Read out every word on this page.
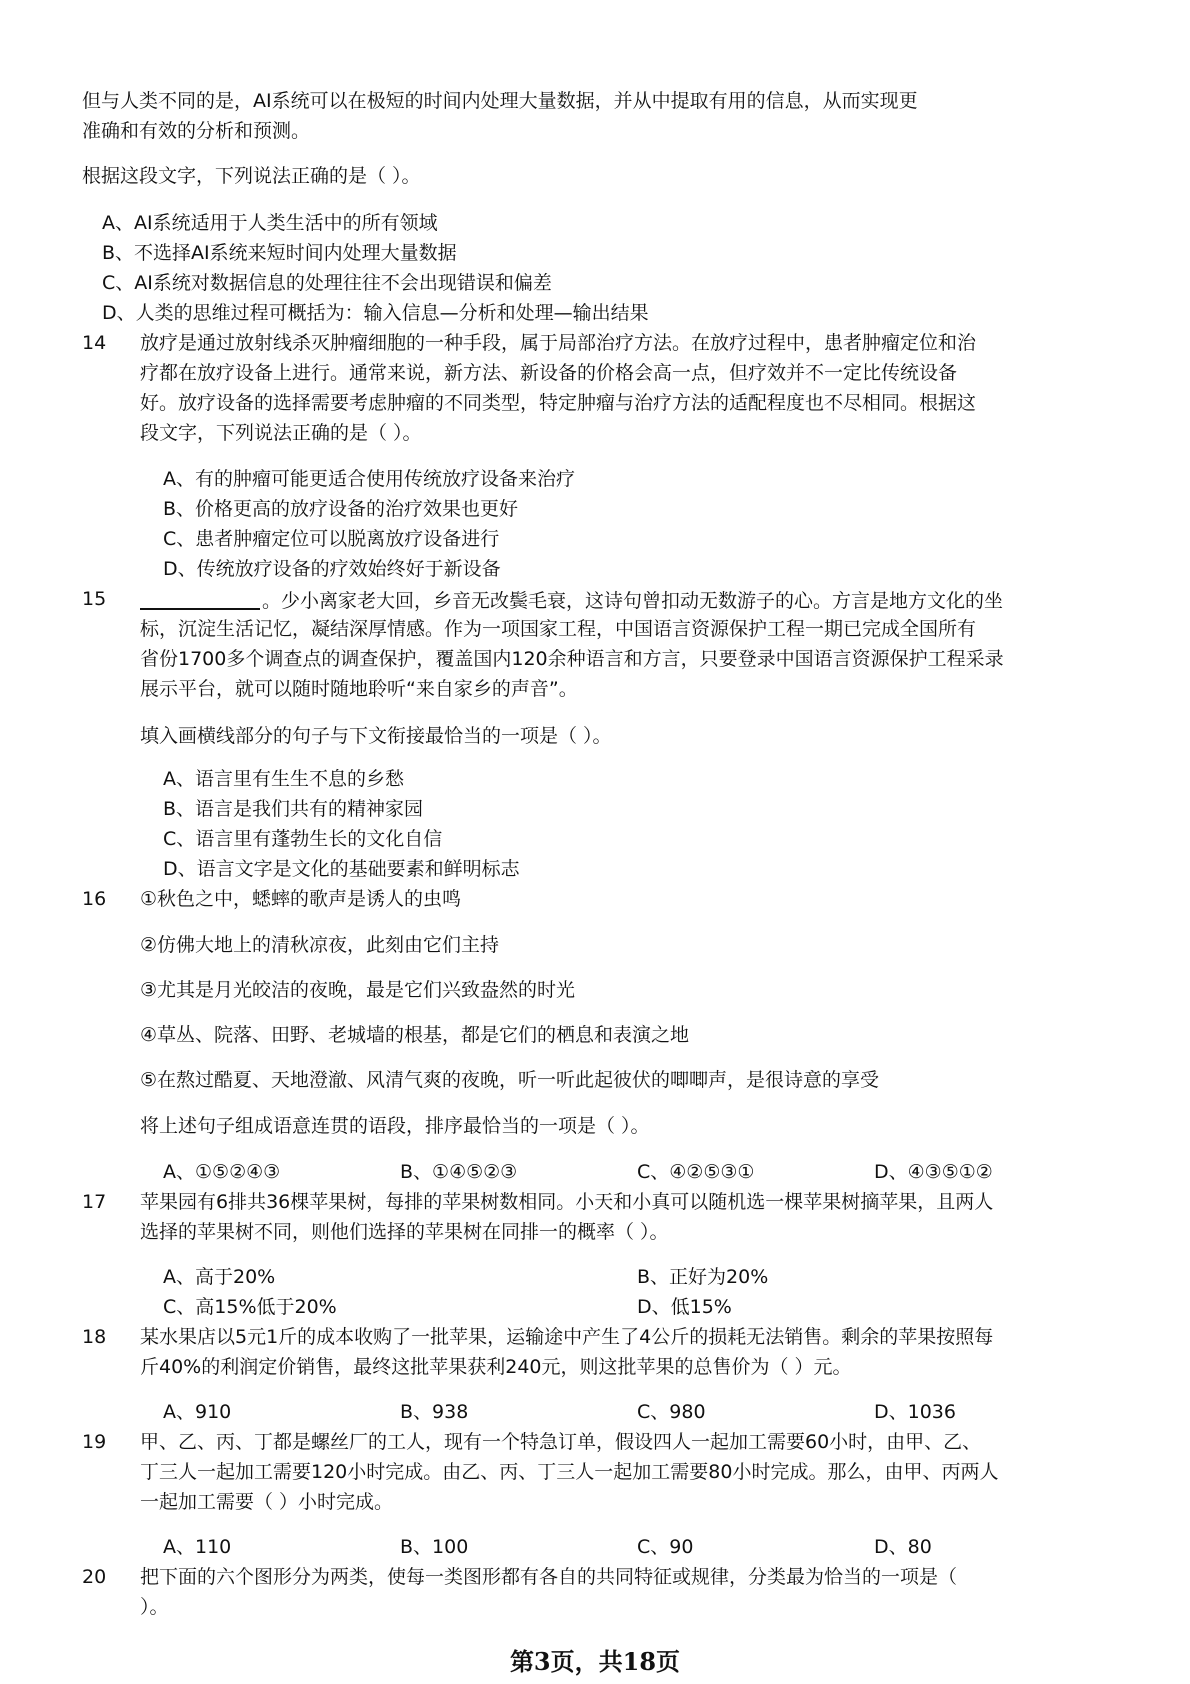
但与人类不同的是，AI系统可以在极短的时间内处理大量数据，并从中提取有用的信息，从而实现更
准确和有效的分析和预测。
根据这段文字，下列说法正确的是（ ）。
A、AI系统适用于人类生活中的所有领域
B、不选择AI系统来短时间内处理大量数据
C、AI系统对数据信息的处理往往不会出现错误和偏差
D、人类的思维过程可概括为：输入信息—分析和处理—输出结果
14 放疗是通过放射线杀灭肿瘤细胞的一种手段，属于局部治疗方法。在放疗过程中，患者肿瘤定位和治
疗都在放疗设备上进行。通常来说，新方法、新设备的价格会高一点，但疗效并不一定比传统设备
好。放疗设备的选择需要考虑肿瘤的不同类型，特定肿瘤与治疗方法的适配程度也不尽相同。根据这
段文字，下列说法正确的是（ ）。
A、有的肿瘤可能更适合使用传统放疗设备来治疗
B、价格更高的放疗设备的治疗效果也更好
C、患者肿瘤定位可以脱离放疗设备进行
D、传统放疗设备的疗效始终好于新设备
15	。少小离家老大回，乡音无改鬓毛衰，这诗句曾扣动无数游子的心。方言是地方文化的坐
标，沉淀生活记忆，凝结深厚情感。作为一项国家工程，中国语言资源保护工程一期已完成全国所有
省份1700多个调查点的调查保护，覆盖国内120余种语言和方言，只要登录中国语言资源保护工程采录
展示平台，就可以随时随地聆听“来自家乡的声音”。
填入画横线部分的句子与下文衔接最恰当的一项是（ ）。
A、语言里有生生不息的乡愁
B、语言是我们共有的精神家园
C、语言里有蓬勃生长的文化自信
D、语言文字是文化的基础要素和鲜明标志
16 ①秋色之中，蟋蟀的歌声是诱人的虫鸣
②仿佛大地上的清秋凉夜，此刻由它们主持
③尤其是月光皎洁的夜晚，最是它们兴致盎然的时光
④草丛、院落、田野、老城墙的根基，都是它们的栖息和表演之地
⑤在熬过酷夏、天地澄澈、风清气爽的夜晚，听一听此起彼伏的唧唧声，是很诗意的享受
将上述句子组成语意连贯的语段，排序最恰当的一项是（ ）。
A、①⑤②④③	B、①④⑤②③	C、④②⑤③①	D、④③⑤①②
17 苹果园有6排共36棵苹果树，每排的苹果树数相同。小天和小真可以随机选一棵苹果树摘苹果，且两人
选择的苹果树不同，则他们选择的苹果树在同排一的概率（ ）。
A、高于20%	B、正好为20%
C、高15%低于20%	D、低15%
18 某水果店以5元1斤的成本收购了一批苹果，运输途中产生了4公斤的损耗无法销售。剩余的苹果按照每
斤40%的利润定价销售，最终这批苹果获利240元，则这批苹果的总售价为（ ）元。
A、910	B、938	C、980	D、1036
19 甲、乙、丙、丁都是螺丝厂的工人，现有一个特急订单，假设四人一起加工需要60小时，由甲、乙、
丁三人一起加工需要120小时完成。由乙、丙、丁三人一起加工需要80小时完成。那么，由甲、丙两人
一起加工需要（ ）小时完成。
A、110	B、100	C、90	D、80
20 把下面的六个图形分为两类，使每一类图形都有各自的共同特征或规律，分类最为恰当的一项是（
）。
第3页，共18页
